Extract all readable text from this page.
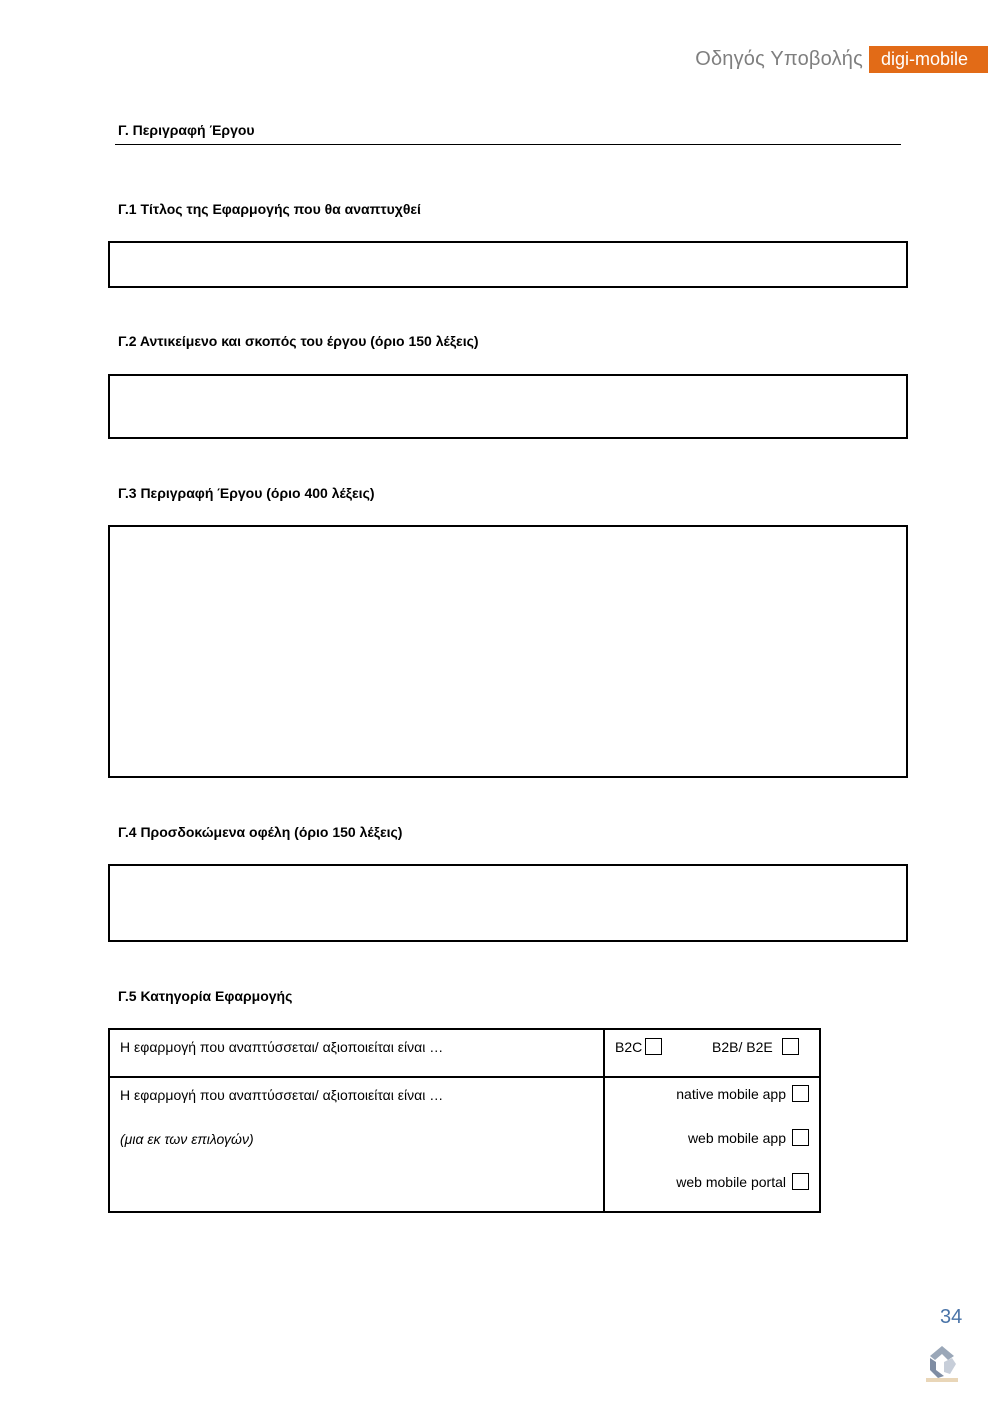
Οδηγός Υποβολής	digi-mobile
Γ. Περιγραφή Έργου
Γ.1 Τίτλος της Εφαρμογής που θα αναπτυχθεί
Γ.2 Αντικείμενο και σκοπός του έργου (όριο 150 λέξεις)
Γ.3 Περιγραφή Έργου (όριο 400 λέξεις)
Γ.4 Προσδοκώμενα οφέλη (όριο 150 λέξεις)
Γ.5 Κατηγορία Εφαρμογής
Η εφαρμογή που αναπτύσσεται/ αξιοποιείται είναι …	B2C B2B/ B2E

Η εφαρμογή που αναπτύσσεται/ αξιοποιείται είναι …
(μια εκ των επιλογών)	native mobile app
web mobile app
web mobile portal
34
